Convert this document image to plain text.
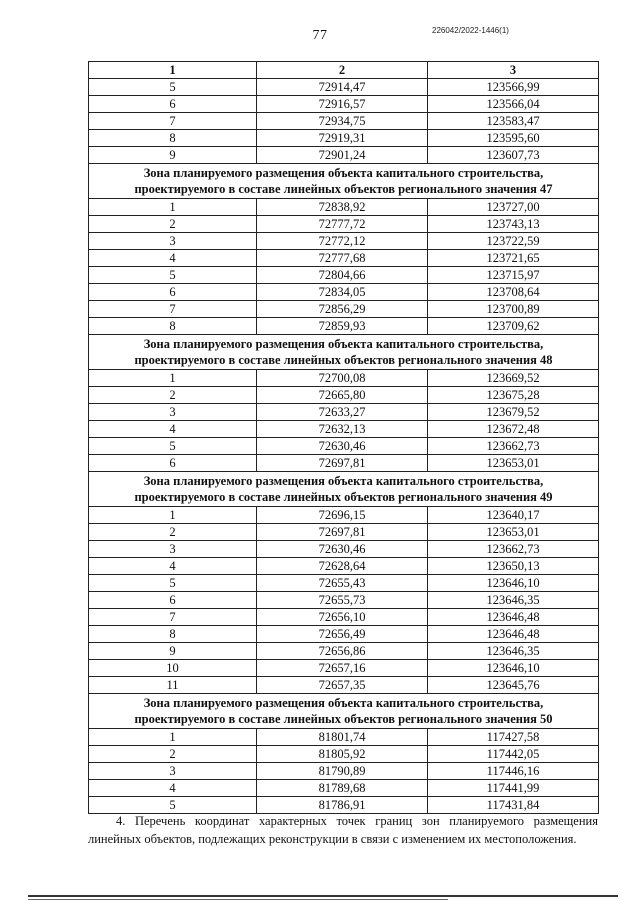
77	226042/2022-1446(1)
1	2	3
5	72914,47	123566,99
6	72916,57	123566,04
7	72934,75	123583,47
8	72919,31	123595,60
9	72901,24	123607,73

Зона планируемого размещения объекта капитального строительства,
проектируемого в составе линейных объектов регионального значения 47		

1	72838,92	123727,00
2	72777,72	123743,13
3	72772,12	123722,59
4	72777,68	123721,65
5	72804,66	123715,97
6	72834,05	123708,64
7	72856,29	123700,89
8	72859,93	123709,62

Зона планируемого размещения объекта капитального строительства,
проектируемого в составе линейных объектов регионального значения 48		

1	72700,08	123669,52
2	72665,80	123675,28
3	72633,27	123679,52
4	72632,13	123672,48
5	72630,46	123662,73
6	72697,81	123653,01

Зона планируемого размещения объекта капитального строительства,
проектируемого в составе линейных объектов регионального значения 49		

1	72696,15	123640,17
2	72697,81	123653,01
3	72630,46	123662,73
4	72628,64	123650,13
5	72655,43	123646,10
6	72655,73	123646,35
7	72656,10	123646,48
8	72656,49	123646,48
9	72656,86	123646,35
10	72657,16	123646,10
11	72657,35	123645,76

Зона планируемого размещения объекта капитального строительства,
проектируемого в составе линейных объектов регионального значения 50		

1	81801,74	117427,58
2	81805,92	117442,05
3	81790,89	117446,16
4	81789,68	117441,99
5	81786,91	117431,84
4. Перечень координат характерных точек границ зон планируемого размещения линейных объектов, подлежащих реконструкции в связи с изменением их местоположения.
